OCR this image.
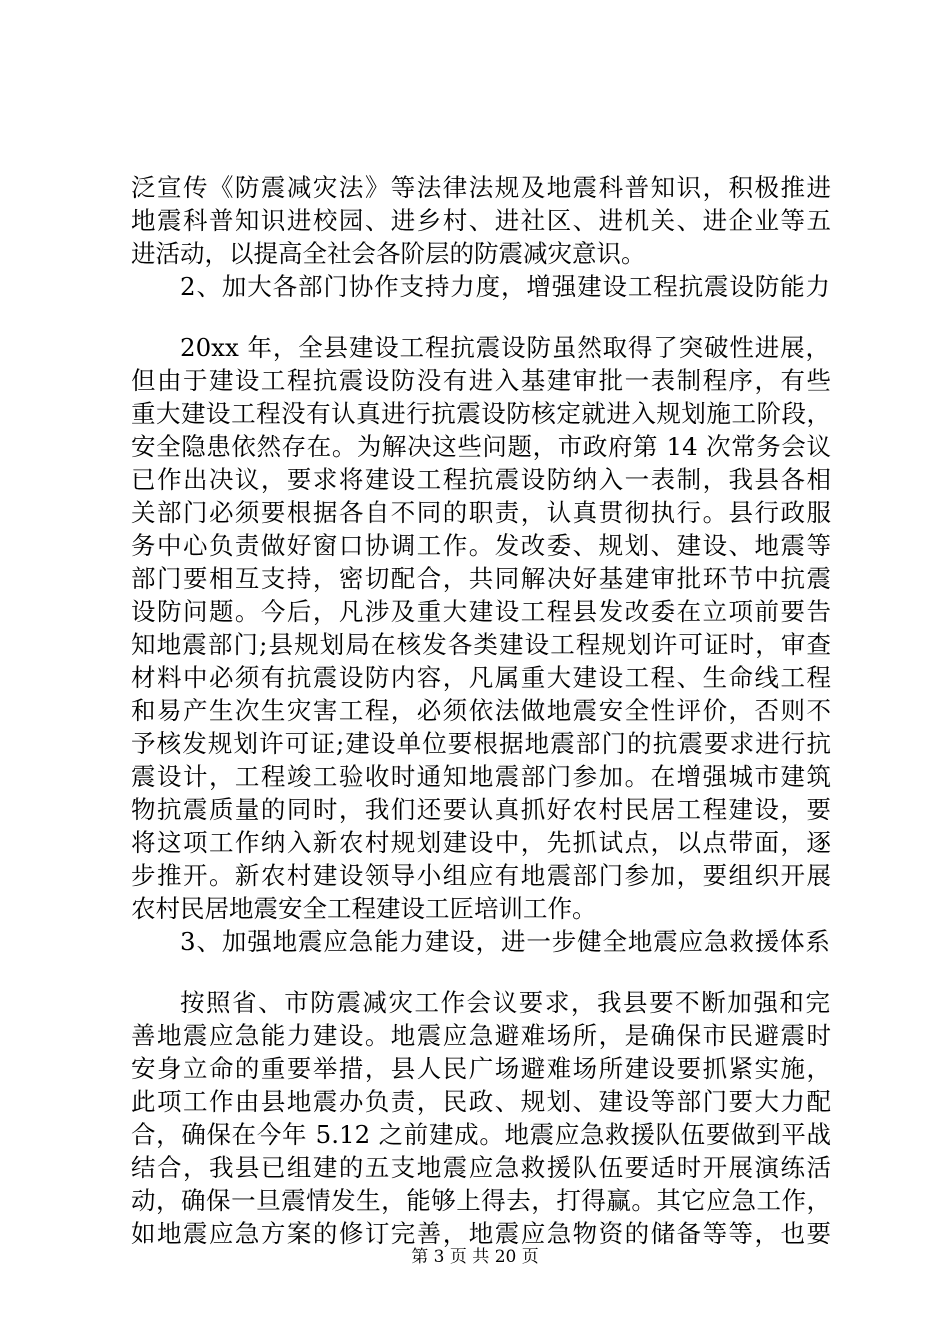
泛宣传《防震减灾法》等法律法规及地震科普知识，积极推进
地震科普知识进校园、进乡村、进社区、进机关、进企业等五
进活动，以提高全社会各阶层的防震减灾意识。
2、加大各部门协作支持力度，增强建设工程抗震设防能力
20xx 年，全县建设工程抗震设防虽然取得了突破性进展，
但由于建设工程抗震设防没有进入基建审批一表制程序，有些
重大建设工程没有认真进行抗震设防核定就进入规划施工阶段，
安全隐患依然存在。为解决这些问题，市政府第 14 次常务会议
已作出决议，要求将建设工程抗震设防纳入一表制，我县各相
关部门必须要根据各自不同的职责，认真贯彻执行。县行政服
务中心负责做好窗口协调工作。发改委、规划、建设、地震等
部门要相互支持，密切配合，共同解决好基建审批环节中抗震
设防问题。今后，凡涉及重大建设工程县发改委在立项前要告
知地震部门;县规划局在核发各类建设工程规划许可证时，审查
材料中必须有抗震设防内容，凡属重大建设工程、生命线工程
和易产生次生灾害工程，必须依法做地震安全性评价，否则不
予核发规划许可证;建设单位要根据地震部门的抗震要求进行抗
震设计，工程竣工验收时通知地震部门参加。在增强城市建筑
物抗震质量的同时，我们还要认真抓好农村民居工程建设，要
将这项工作纳入新农村规划建设中，先抓试点，以点带面，逐
步推开。新农村建设领导小组应有地震部门参加，要组织开展
农村民居地震安全工程建设工匠培训工作。
3、加强地震应急能力建设，进一步健全地震应急救援体系
按照省、市防震减灾工作会议要求，我县要不断加强和完
善地震应急能力建设。地震应急避难场所，是确保市民避震时
安身立命的重要举措，县人民广场避难场所建设要抓紧实施，
此项工作由县地震办负责，民政、规划、建设等部门要大力配
合，确保在今年 5.12 之前建成。地震应急救援队伍要做到平战
结合，我县已组建的五支地震应急救援队伍要适时开展演练活
动，确保一旦震情发生，能够上得去，打得赢。其它应急工作，
如地震应急方案的修订完善，地震应急物资的储备等等，也要
第 3 页 共 20 页
